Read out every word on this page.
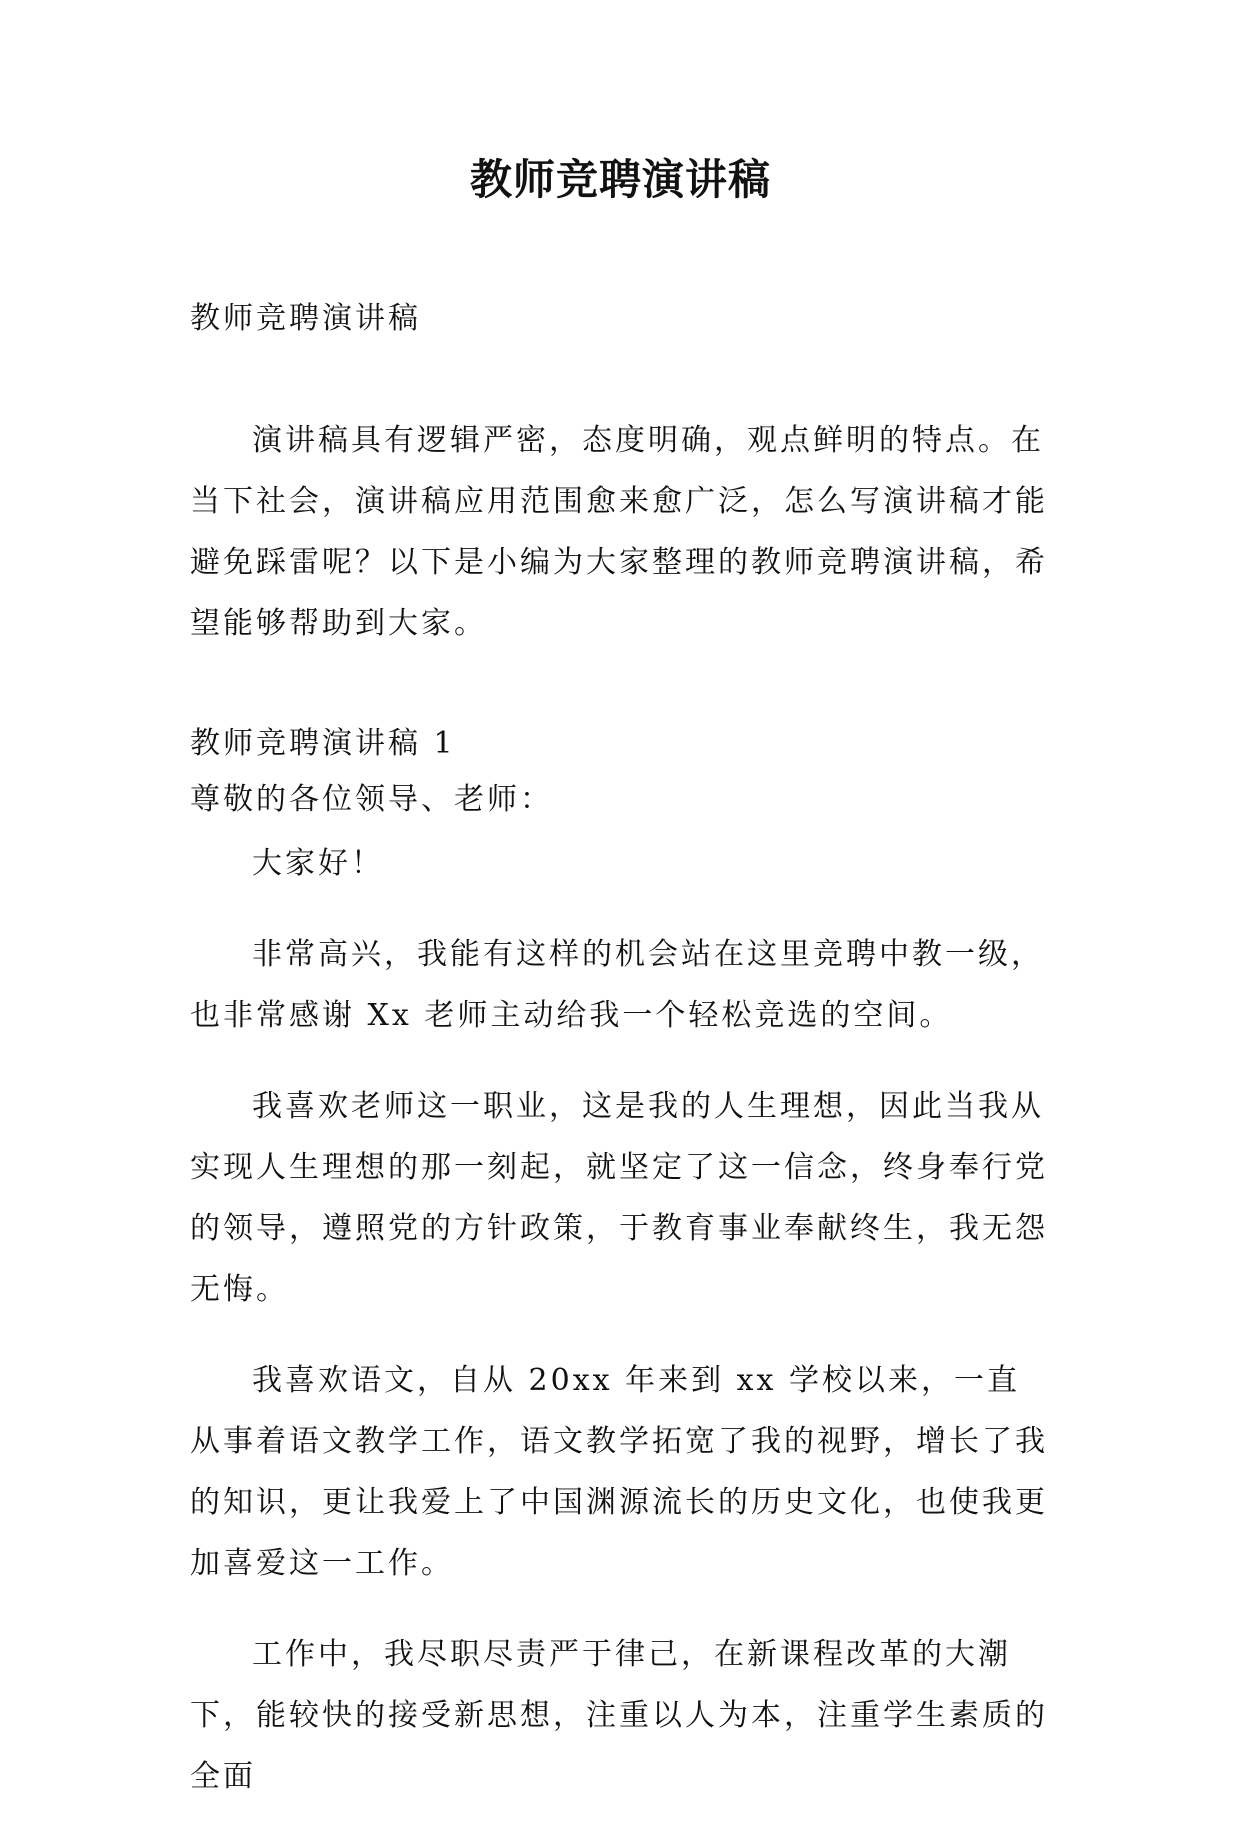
教师竞聘演讲稿
教师竞聘演讲稿

演讲稿具有逻辑严密，态度明确，观点鲜明的特点。在当下社会，演讲稿应用范围愈来愈广泛，怎么写演讲稿才能避免踩雷呢？以下是小编为大家整理的教师竞聘演讲稿，希望能够帮助到大家。

教师竞聘演讲稿 1
尊敬的各位领导、老师：

大家好！

非常高兴，我能有这样的机会站在这里竞聘中教一级，也非常感谢 Xx 老师主动给我一个轻松竞选的空间。

我喜欢老师这一职业，这是我的人生理想，因此当我从实现人生理想的那一刻起，就坚定了这一信念，终身奉行党的领导，遵照党的方针政策，于教育事业奉献终生，我无怨无悔。

我喜欢语文，自从 20xx 年来到 xx 学校以来，一直从事着语文教学工作，语文教学拓宽了我的视野，增长了我的知识，更让我爱上了中国渊源流长的历史文化，也使我更加喜爱这一工作。

工作中，我尽职尽责严于律己，在新课程改革的大潮下，能较快的接受新思想，注重以人为本，注重学生素质的全面
